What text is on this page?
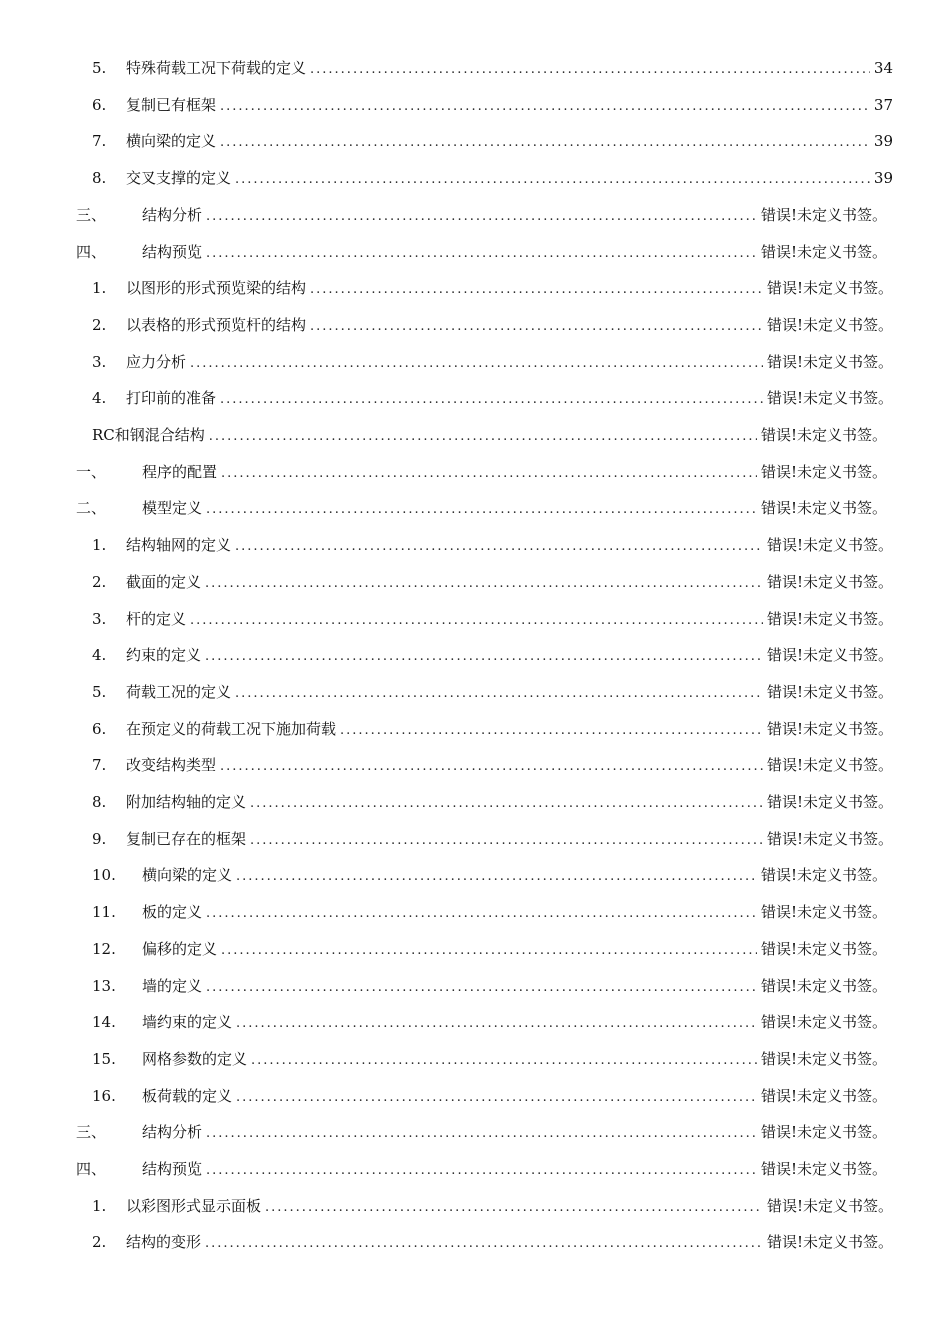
5.	特殊荷载工况下荷载的定义 .....	34
6.	复制已有框架 .....	37
7.	横向梁的定义 .....	39
8.	交叉支撑的定义 .....	39
三、	结构分析 .....	错误!未定义书签。
四、	结构预览 .....	错误!未定义书签。
1.	以图形的形式预览梁的结构 .....	错误!未定义书签。
2.	以表格的形式预览杆的结构 .....	错误!未定义书签。
3.	应力分析 .....	错误!未定义书签。
4.	打印前的准备 .....	错误!未定义书签。
RC和钢混合结构 .....	错误!未定义书签。
一、	程序的配置 .....	错误!未定义书签。
二、	模型定义 .....	错误!未定义书签。
1.	结构轴网的定义 .....	错误!未定义书签。
2.	截面的定义 .....	错误!未定义书签。
3.	杆的定义 .....	错误!未定义书签。
4.	约束的定义 .....	错误!未定义书签。
5.	荷载工况的定义 .....	错误!未定义书签。
6.	在预定义的荷载工况下施加荷载 .....	错误!未定义书签。
7.	改变结构类型 .....	错误!未定义书签。
8.	附加结构轴的定义 .....	错误!未定义书签。
9.	复制已存在的框架 .....	错误!未定义书签。
10.	横向梁的定义 .....	错误!未定义书签。
11.	板的定义 .....	错误!未定义书签。
12.	偏移的定义 .....	错误!未定义书签。
13.	墙的定义 .....	错误!未定义书签。
14.	墙约束的定义 .....	错误!未定义书签。
15.	网格参数的定义 .....	错误!未定义书签。
16.	板荷载的定义 .....	错误!未定义书签。
三、	结构分析 .....	错误!未定义书签。
四、	结构预览 .....	错误!未定义书签。
1.	以彩图形式显示面板 .....	错误!未定义书签。
2.	结构的变形 .....	错误!未定义书签。
